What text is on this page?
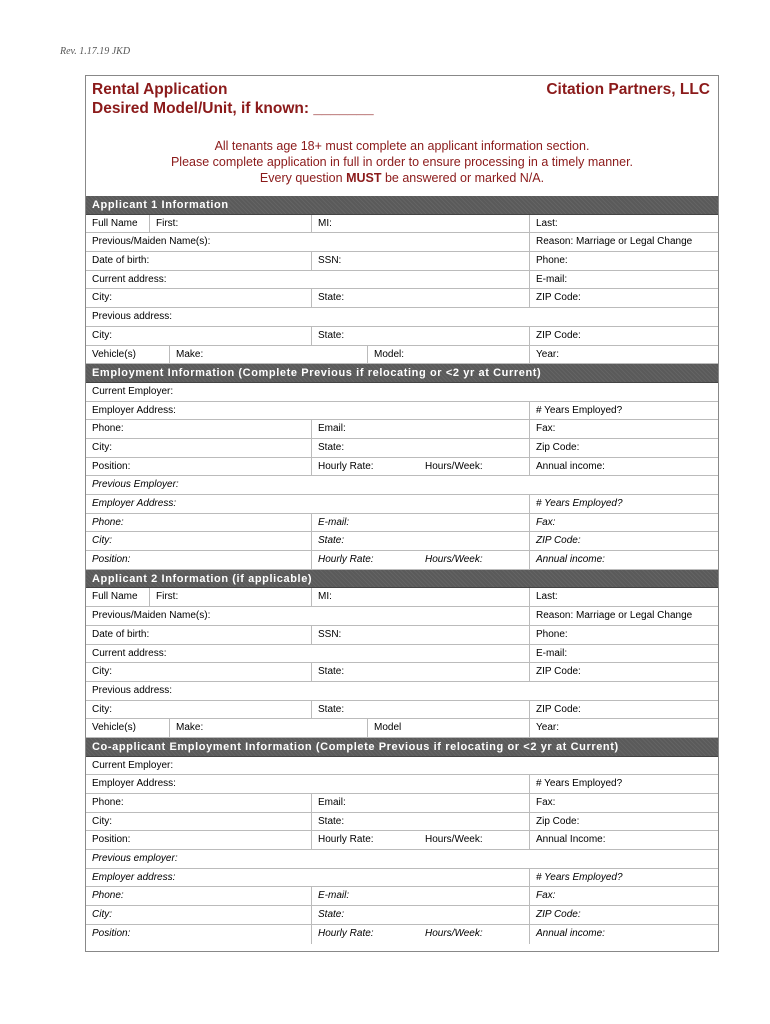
Rev. 1.17.19 JKD
Rental Application
Desired Model/Unit, if known: _______
Citation Partners, LLC
All tenants age 18+ must complete an applicant information section.
Please complete application in full in order to ensure processing in a timely manner.
Every question MUST be answered or marked N/A.
Applicant 1 Information
Full Name	First:	MI:	Last:
Previous/Maiden Name(s):	Reason: Marriage or Legal Change
Date of birth:	SSN:	Phone:
Current address:	E-mail:
City:	State:	ZIP Code:
Previous address:
City:	State:	ZIP Code:
Vehicle(s)	Make:	Model:	Year:
Employment Information (Complete Previous if relocating or <2 yr at Current)
Current Employer:
Employer Address:	# Years Employed?
Phone:	Email:	Fax:
City:	State:	Zip Code:
Position:	Hourly Rate:	Hours/Week:	Annual income:
Previous Employer:
Employer Address:	# Years Employed?
Phone:	E-mail:	Fax:
City:	State:	ZIP Code:
Position:	Hourly Rate:	Hours/Week:	Annual income:
Applicant 2 Information (if applicable)
Full Name	First:	MI:	Last:
Previous/Maiden Name(s):	Reason: Marriage or Legal Change
Date of birth:	SSN:	Phone:
Current address:	E-mail:
City:	State:	ZIP Code:
Previous address:
City:	State:	ZIP Code:
Vehicle(s)	Make:	Model	Year:
Co-applicant Employment Information (Complete Previous if relocating or <2 yr at Current)
Current Employer:
Employer Address:	# Years Employed?
Phone:	Email:	Fax:
City:	State:	Zip Code:
Position:	Hourly Rate:	Hours/Week:	Annual Income:
Previous employer:
Employer address:	# Years Employed?
Phone:	E-mail:	Fax:
City:	State:	ZIP Code:
Position:	Hourly Rate:	Hours/Week:	Annual income:
